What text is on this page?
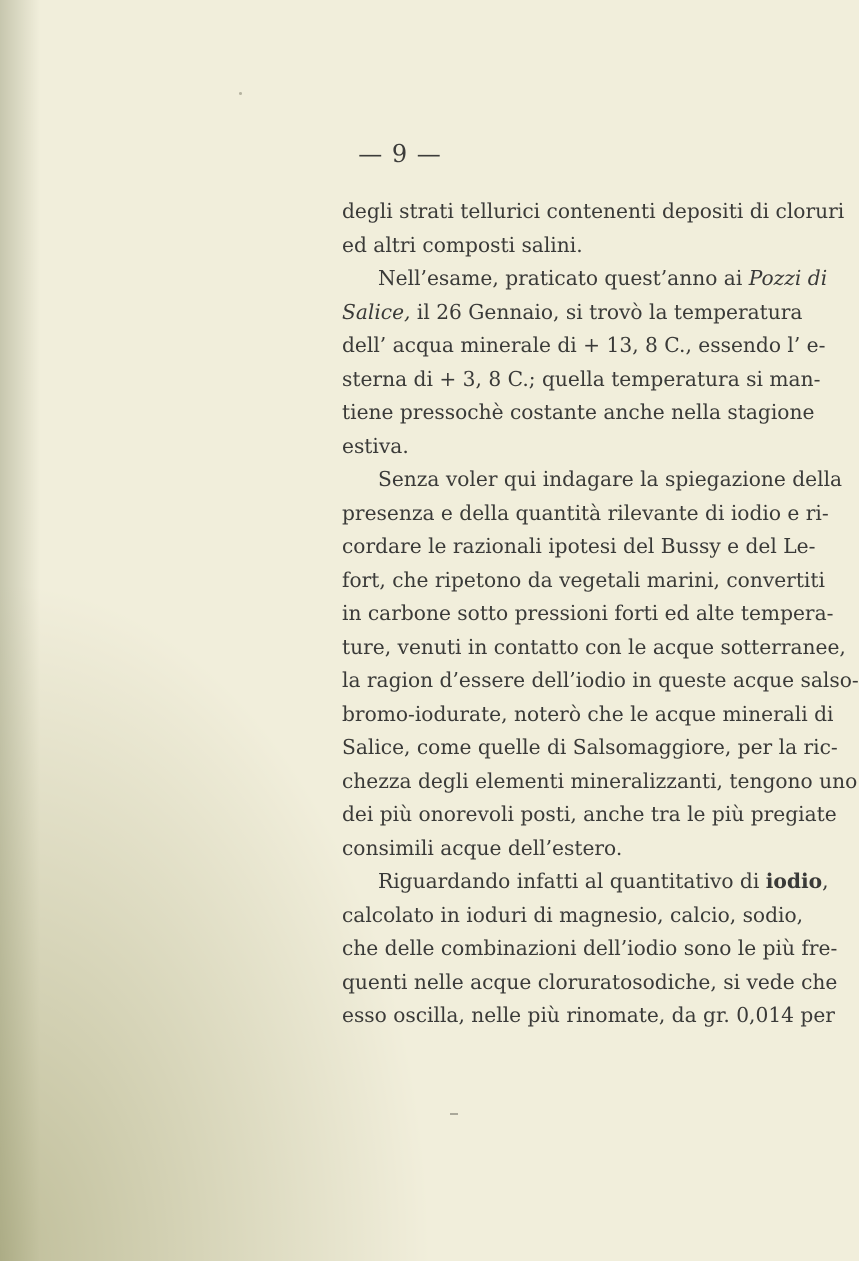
— 9 —
degli strati tellurici contenenti depositi di cloruri
ed altri composti salini.
Nell’esame, praticato quest’anno ai Pozzi di
Salice, il 26 Gennaio, si trovò la temperatura
dell’ acqua minerale di + 13, 8 C., essendo l’ e-
sterna di + 3, 8 C.; quella temperatura si man-
tiene pressochè costante anche nella stagione
estiva.
Senza voler qui indagare la spiegazione della
presenza e della quantità rilevante di iodio e ri-
cordare le razionali ipotesi del Bussy e del Le-
fort, che ripetono da vegetali marini, convertiti
in carbone sotto pressioni forti ed alte tempera-
ture, venuti in contatto con le acque sotterranee,
la ragion d’essere dell’iodio in queste acque salso-
bromo-iodurate, noterò che le acque minerali di
Salice, come quelle di Salsomaggiore, per la ric-
chezza degli elementi mineralizzanti, tengono uno
dei più onorevoli posti, anche tra le più pregiate
consimili acque dell’estero.
Riguardando infatti al quantitativo di iodio,
calcolato in ioduri di magnesio, calcio, sodio,
che delle combinazioni dell’iodio sono le più fre-
quenti nelle acque cloruratosodiche, si vede che
esso oscilla, nelle più rinomate, da gr. 0,014 per
